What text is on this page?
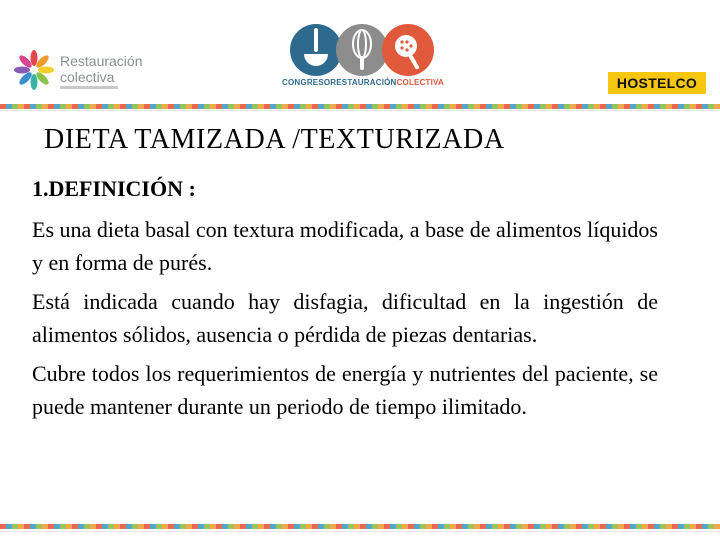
Restauración
colectiva	CONGRESORESTAURACIÓNCOLECTIVA	HOSTELCO
DIETA TAMIZADA /TEXTURIZADA
1.DEFINICIÓN :

Es una dieta basal con textura modificada, a base de alimentos líquidos y en forma de purés.

Está indicada cuando hay disfagia, dificultad en la ingestión de alimentos sólidos, ausencia o pérdida de piezas dentarias.

Cubre todos los requerimientos de energía y nutrientes del paciente, se puede mantener durante un periodo de tiempo ilimitado.
